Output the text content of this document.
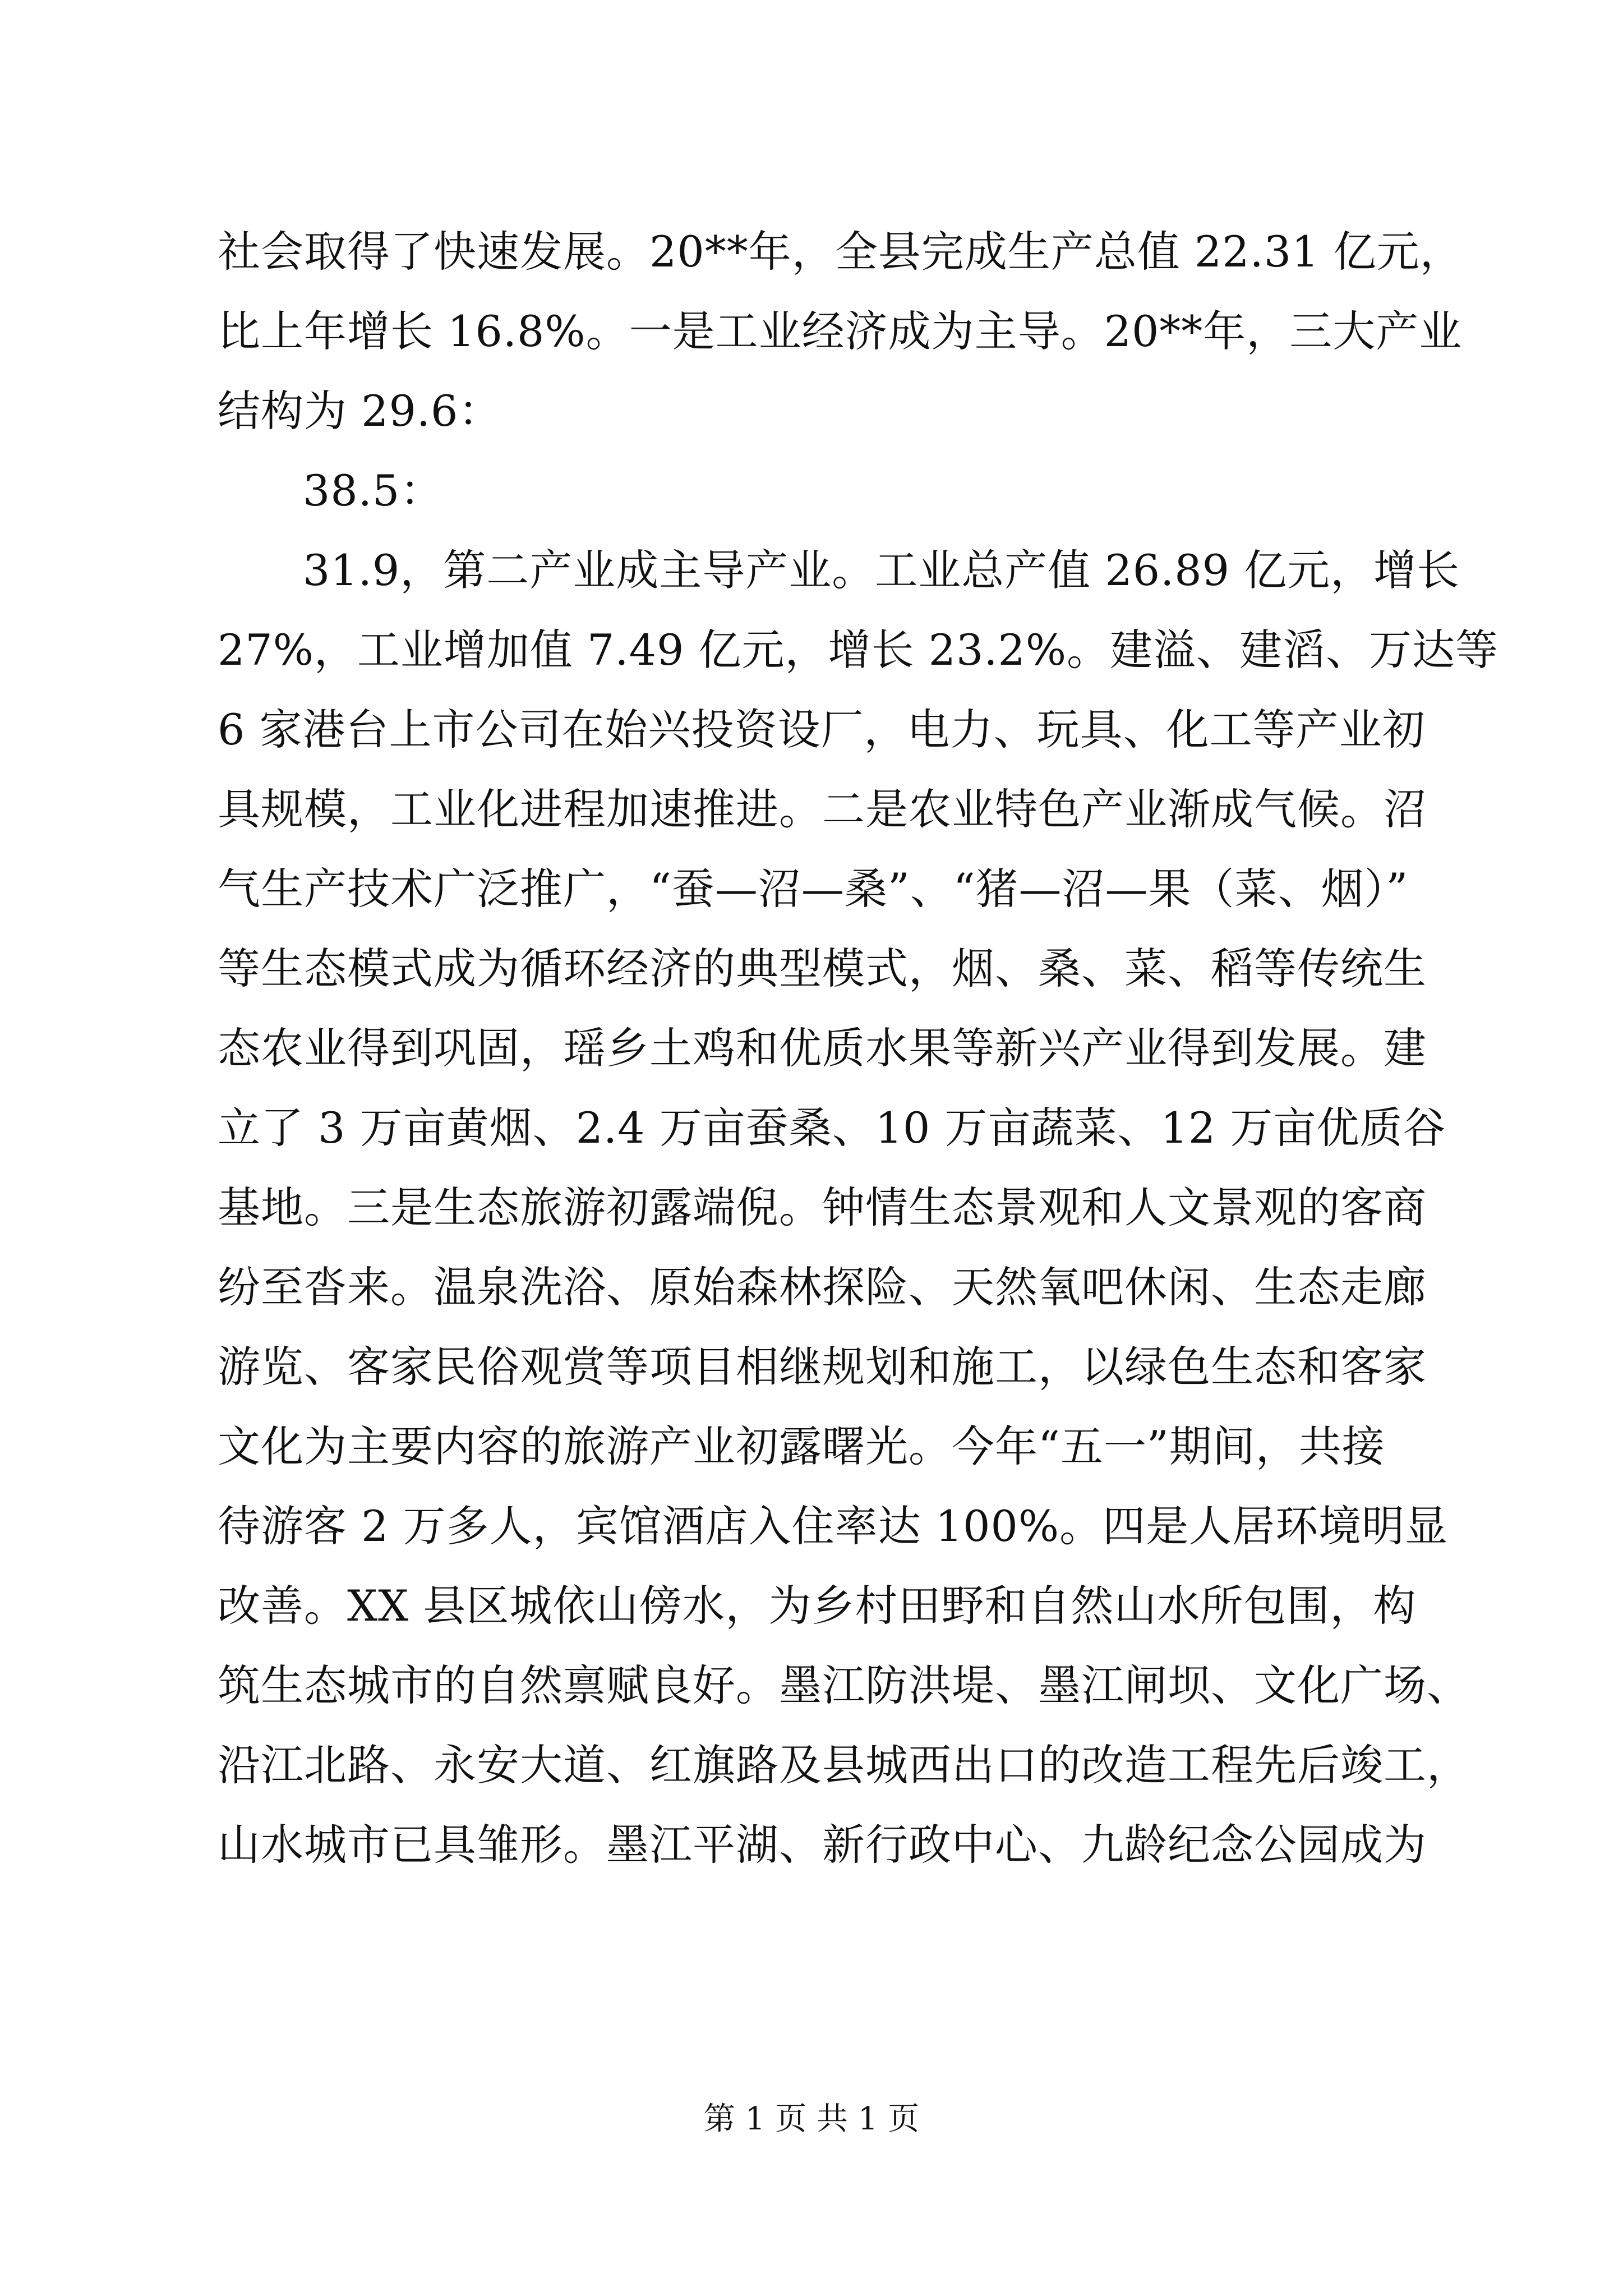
社会取得了快速发展。20**年，全县完成生产总值 22.31 亿元，
比上年增长 16.8%。一是工业经济成为主导。20**年，三大产业
结构为 29.6：
38.5：
31.9，第二产业成主导产业。工业总产值 26.89 亿元，增长
27%，工业增加值 7.49 亿元，增长 23.2%。建溢、建滔、万达等
6 家港台上市公司在始兴投资设厂，电力、玩具、化工等产业初
具规模，工业化进程加速推进。二是农业特色产业渐成气候。沼
气生产技术广泛推广，“蚕—沼—桑”、“猪—沼—果（菜、烟）”
等生态模式成为循环经济的典型模式，烟、桑、菜、稻等传统生
态农业得到巩固，瑶乡土鸡和优质水果等新兴产业得到发展。建
立了 3 万亩黄烟、2.4 万亩蚕桑、10 万亩蔬菜、12 万亩优质谷
基地。三是生态旅游初露端倪。钟情生态景观和人文景观的客商
纷至沓来。温泉洗浴、原始森林探险、天然氧吧休闲、生态走廊
游览、客家民俗观赏等项目相继规划和施工，以绿色生态和客家
文化为主要内容的旅游产业初露曙光。今年“五一”期间，共接
待游客 2 万多人，宾馆酒店入住率达 100%。四是人居环境明显
改善。XX 县区城依山傍水，为乡村田野和自然山水所包围，构
筑生态城市的自然禀赋良好。墨江防洪堤、墨江闸坝、文化广场、
沿江北路、永安大道、红旗路及县城西出口的改造工程先后竣工，
山水城市已具雏形。墨江平湖、新行政中心、九龄纪念公园成为
第 1 页 共 1 页
